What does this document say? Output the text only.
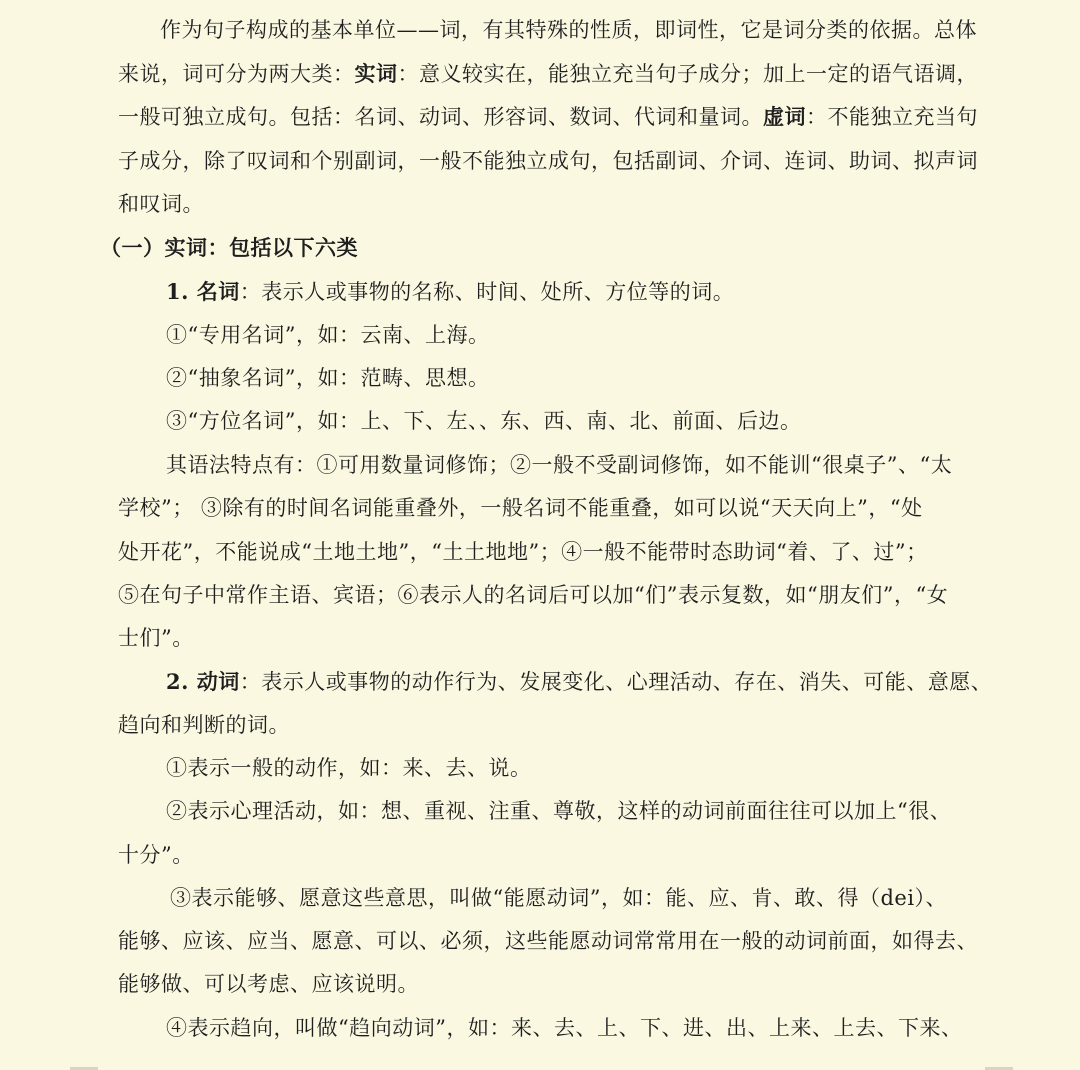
作为句子构成的基本单位——词，有其特殊的性质，即词性，它是词分类的依据。总体
来说，词可分为两大类：实词：意义较实在，能独立充当句子成分；加上一定的语气语调，
一般可独立成句。包括：名词、动词、形容词、数词、代词和量词。虚词：不能独立充当句
子成分，除了叹词和个别副词，一般不能独立成句，包括副词、介词、连词、助词、拟声词
和叹词。
（一）实词：包括以下六类
1. 名词：表示人或事物的名称、时间、处所、方位等的词。
①“专用名词”，如：云南、上海。
②“抽象名词”，如：范畴、思想。
③“方位名词”，如：上、下、左、、东、西、南、北、前面、后边。
其语法特点有：①可用数量词修饰；②一般不受副词修饰，如不能训“很桌子”、“太
学校”； ③除有的时间名词能重叠外，一般名词不能重叠，如可以说“天天向上”，“处
处开花”，不能说成“土地土地”，“土土地地”；④一般不能带时态助词“着、了、过”；
⑤在句子中常作主语、宾语；⑥表示人的名词后可以加“们”表示复数，如“朋友们”，“女
士们”。
2. 动词：表示人或事物的动作行为、发展变化、心理活动、存在、消失、可能、意愿、
趋向和判断的词。
①表示一般的动作，如：来、去、说。
②表示心理活动，如：想、重视、注重、尊敬，这样的动词前面往往可以加上“很、
十分”。
③表示能够、愿意这些意思，叫做“能愿动词”，如：能、应、肯、敢、得（dei）、
能够、应该、应当、愿意、可以、必须，这些能愿动词常常用在一般的动词前面，如得去、
能够做、可以考虑、应该说明。
④表示趋向，叫做“趋向动词”，如：来、去、上、下、进、出、上来、上去、下来、
